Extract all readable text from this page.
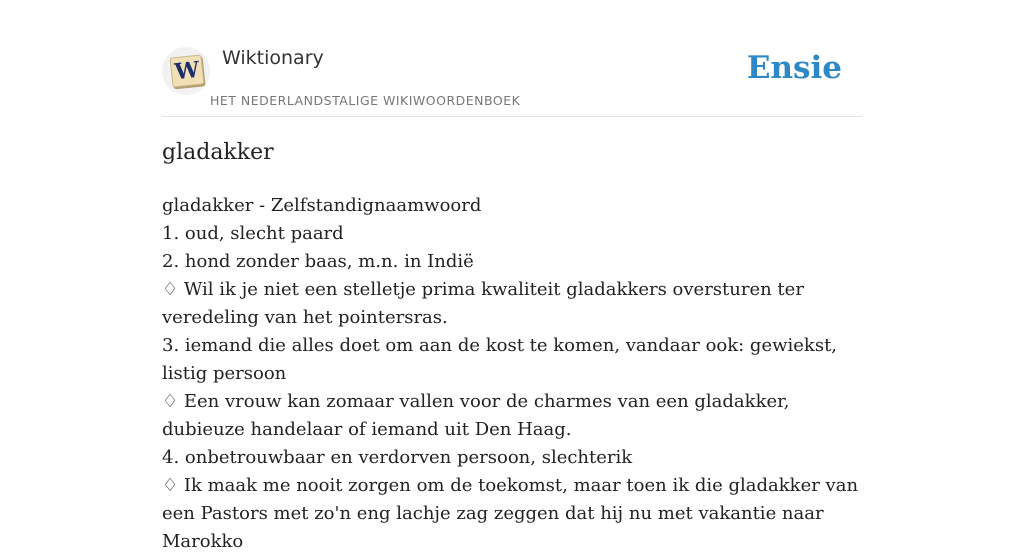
W Wiktionary
HET NEDERLANDSTALIGE WIKIWOORDENBOEK
Ensie
gladakker

gladakker - Zelfstandignaamwoord

1. oud, slecht paard

2. hond zonder baas, m.n. in Indië

♢ Wil ik je niet een stelletje prima kwaliteit gladakkers oversturen ter veredeling van het pointersras.

3. iemand die alles doet om aan de kost te komen, vandaar ook: gewiekst, listig persoon

♢ Een vrouw kan zomaar vallen voor de charmes van een gladakker, dubieuze handelaar of iemand uit Den Haag.

4. onbetrouwbaar en verdorven persoon, slechterik

♢ Ik maak me nooit zorgen om de toekomst, maar toen ik die gladakker van een Pastors met zo'n eng lachje zag zeggen dat hij nu met vakantie naar Marokko
